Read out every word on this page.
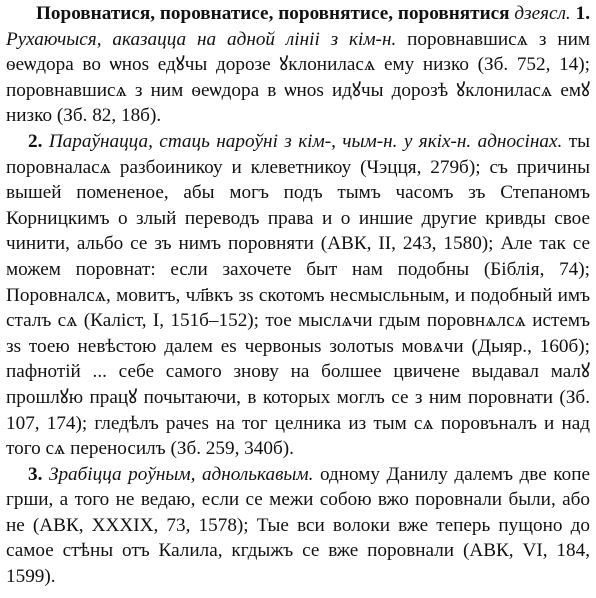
Поровнатися, поровнатисе, поровнятисе, поровнятися дзеясл. 1. Рухаючыся, аказацца на адной лініі з кім-н. поровнавшисѧ з ним ѳеѡдора во ѡноѕ едꙋчы дорозе ꙋклониласѧ ему низко (Зб. 752, 14); поровнавшисѧ з ним ѳеѡдора в ѡноѕ идꙋчы дорозѣ ꙋклониласѧ емꙋ низко (Зб. 82, 18б).

2. Параўнацца, стаць нароўні з кім-, чым-н. у якіх-н. адносінах. ты поровналасѧ разбоиникоу и клеветникоу (Чэцця, 279б); съ причины вышей помененое, абы могъ подъ тымъ часомъ зъ Степаномъ Корницкимъ о злый переводъ права и о иншие другие кривды свое чинити, альбо се зъ нимъ поровняти (АВК, II, 243, 1580); Але так се можем поровнат: если захочете быт нам подобны (Біблія, 74); Поровналсѧ, мовитъ, чл҃вкъ зѕ скотомъ несмысльным, и подобный имъ сталъ сѧ (Каліст, I, 151б–152); тое мыслѧчи гдым поровнѧлсѧ истемъ зѕ тоею невѣстою далем еѕ червоныѕ золотыѕ мовѧчи (Дыяр., 160б); пафнотій ... себе самого знову на болшее цвичене выдавал малꙋ прошлꙋю працꙋ почытаючи, в которых моглъ се з ним поровнати (Зб. 107, 174); гледѣлъ рачеѕ на тог целника из тым сѧ поровъналъ и над того сѧ переносилъ (Зб. 259, 340б).

3. Зрабіцца роўным, аднолькавым. одному Данилу далемъ две копе грши, а того не ведаю, если се межи собою вжо поровнали были, або не (АВК, XXXIX, 73, 1578); Тые вси волоки вже теперь пущоно до самое стѣны отъ Калила, кгдыжъ се вже поровнали (АВК, VI, 184, 1599).
